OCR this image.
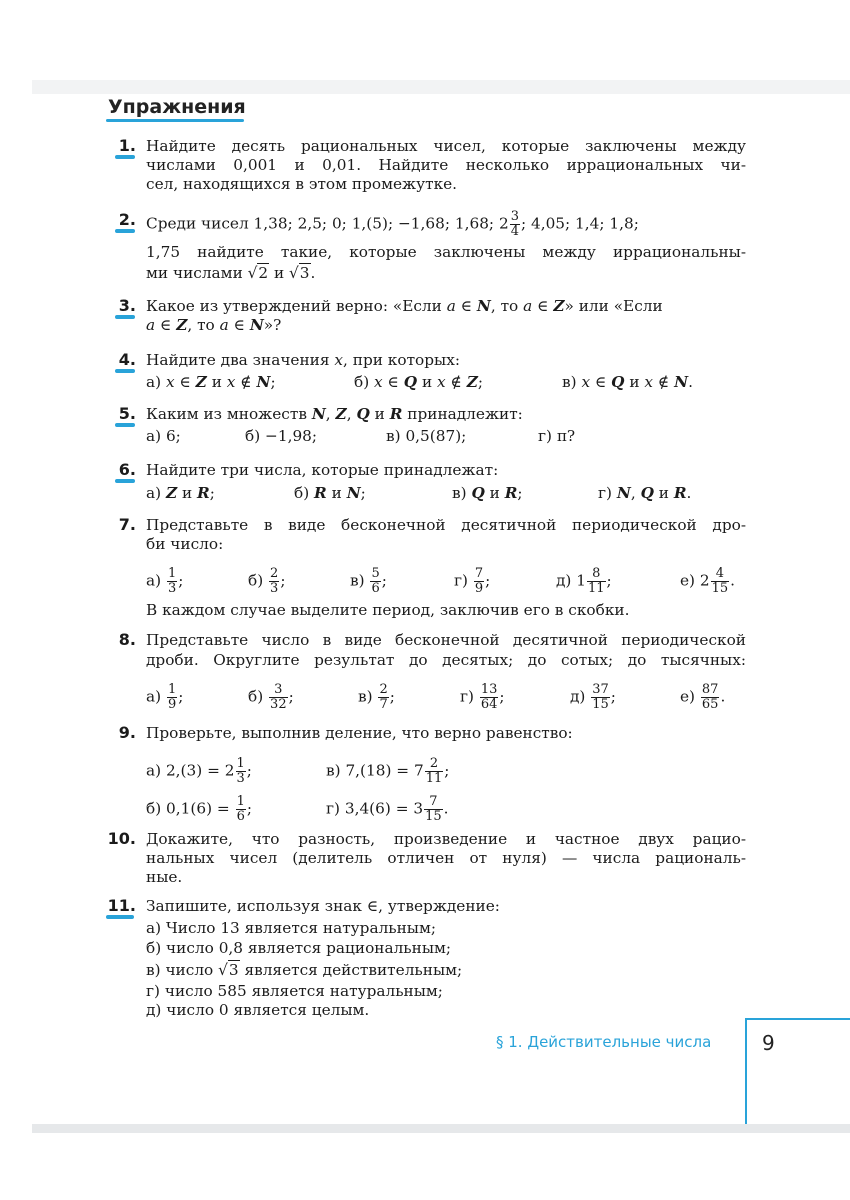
Упражнения
1. Найдите десять рациональных чисел, которые заключены между
числами 0,001 и 0,01. Найдите несколько иррациональных чи-
сел, находящихся в этом промежутке.
2. Среди чисел 1,38; 2,5; 0; 1,(5); −1,68; 1,68; $2 \frac{3}{4}$ ; 4,05; 1,4; 1,8;
1,75 найдите такие, которые заключены между иррациональны-
ми числами √2 и √3.
3. Какое из утверждений верно: «Если a ∈ N, то a ∈ Z» или «Если
a ∈ Z, то a ∈ N»?
4. Найдите два значения x, при которых:
а) x ∈ Z и x ∉ N;	б) x ∈ Q и x ∉ Z;	в) x ∈ Q и x ∉ N.
5. Каким из множеств N, Z, Q и R принадлежит:
а) 6;	б) −1,98;	в) 0,5(87);	г) π?
6. Найдите три числа, которые принадлежат:
а) Z и R;	б) R и N;	в) Q и R;	г) N, Q и R.
7. Представьте в виде бесконечной десятичной периодической дро-
би число:
$а) \frac{1}{3}$ ;	$б) \frac{2}{3}$ ;	$в) \frac{5}{6}$ ;	$г) \frac{7}{9}$ ;	д) $1 \frac{8}{11}$ ;	е) $2 \frac{4}{15}$ .
В каждом случае выделите период, заключив его в скобки.
8. Представьте число в виде бесконечной десятичной периодической
дроби. Округлите результат до десятых; до сотых; до тысячных:
$а) \frac{1}{9}$ ;	$б) \frac{3}{32}$ ;	$в) \frac{2}{7}$ ;	$г) \frac{13}{64}$ ;	$д) \frac{37}{15}$ ;	$е) \frac{87}{65}$ .
9. Проверьте, выполнив деление, что верно равенство:
а) $2,(3) = 2 \frac{1}{3}$ ;	в) $7,(18) = 7 \frac{2}{11}$ ;
б) $0,1(6) = \frac{1}{6}$ ;	г) $3,4(6) = 3 \frac{7}{15}$ .
10. Докажите, что разность, произведение и частное двух рацио-
нальных чисел (делитель отличен от нуля) — числа рациональ-
ные.
11. Запишите, используя знак ∈, утверждение:
а) Число 13 является натуральным;
б) число 0,8 является рациональным;
в) число √3 является действительным;
г) число 585 является натуральным;
д) число 0 является целым.
§ 1. Действительные числа	9
